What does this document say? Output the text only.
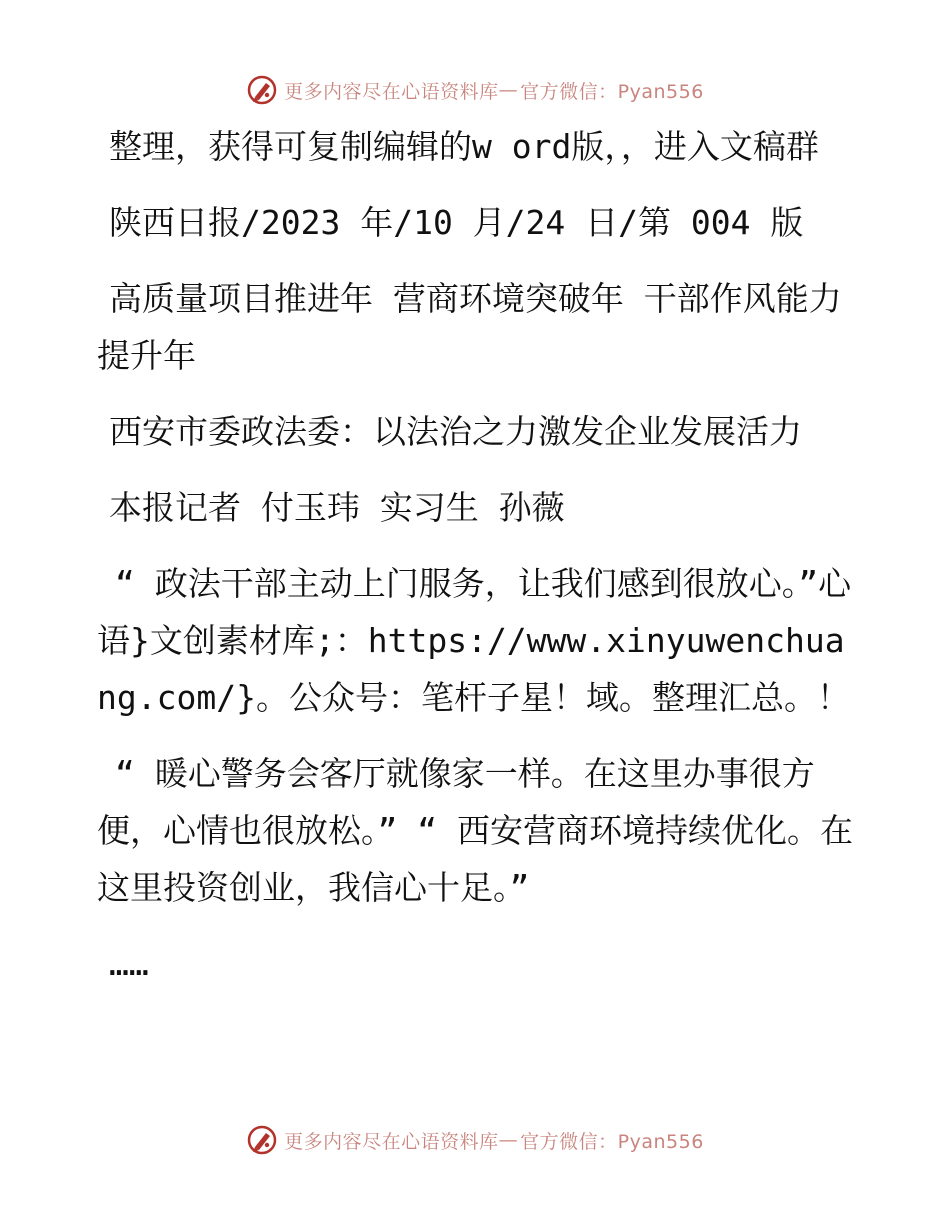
更多内容尽在心语资料库 — 官方微信：Pyan556

整理，获得可复制编辑的w ord版，，进入文稿群

陕西日报/2023 年/10 月/24 日/第 004 版

高质量项目推进年 营商环境突破年 干部作风能力提升年

西安市委政法委：以法治之力激发企业发展活力

本报记者 付玉玮 实习生 孙薇

“ 政法干部主动上门服务，让我们感到很放心。”心语}文创素材库;：https://www.xinyuwenchuang.com/}。公众号：笔杆子星！域。整理汇总。！

“ 暖心警务会客厅就像家一样。在这里办事很方便，心情也很放松。” “ 西安营商环境持续优化。在这里投资创业，我信心十足。”

……

更多内容尽在心语资料库 — 官方微信：Pyan556
